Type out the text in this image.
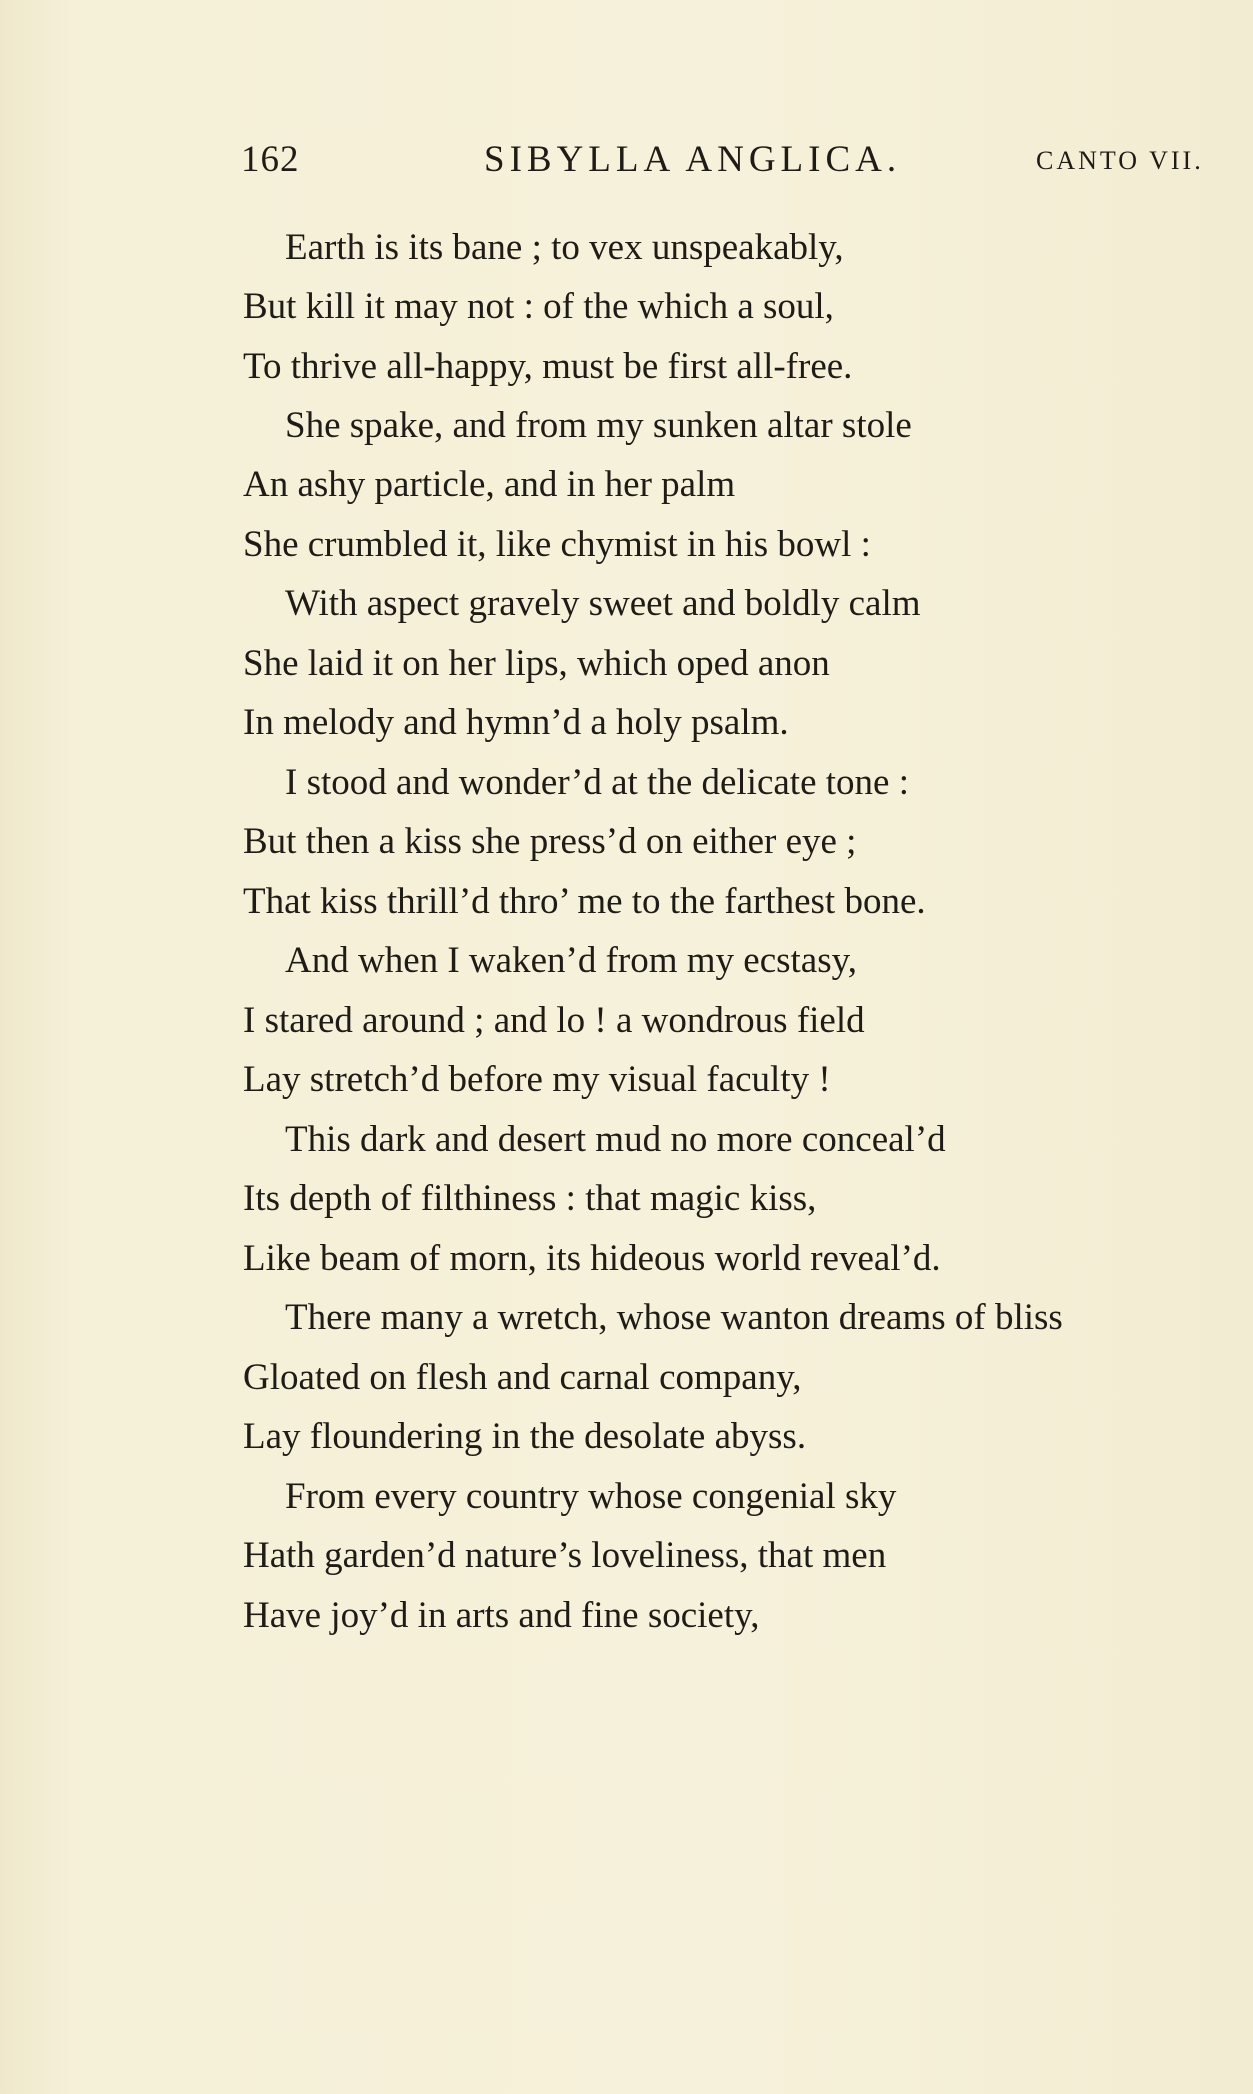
162	SIBYLLA ANGLICA.	CANTO VII.
Earth is its bane ; to vex unspeakably,
But kill it may not : of the which a soul,
To thrive all-happy, must be first all-free.
She spake, and from my sunken altar stole
An ashy particle, and in her palm
She crumbled it, like chymist in his bowl :
With aspect gravely sweet and boldly calm
She laid it on her lips, which oped anon
In melody and hymn’d a holy psalm.
I stood and wonder’d at the delicate tone :
But then a kiss she press’d on either eye ;
That kiss thrill’d thro’ me to the farthest bone.
And when I waken’d from my ecstasy,
I stared around ; and lo ! a wondrous field
Lay stretch’d before my visual faculty !
This dark and desert mud no more conceal’d
Its depth of filthiness : that magic kiss,
Like beam of morn, its hideous world reveal’d.
There many a wretch, whose wanton dreams of bliss
Gloated on flesh and carnal company,
Lay floundering in the desolate abyss.
From every country whose congenial sky
Hath garden’d nature’s loveliness, that men
Have joy’d in arts and fine society,
